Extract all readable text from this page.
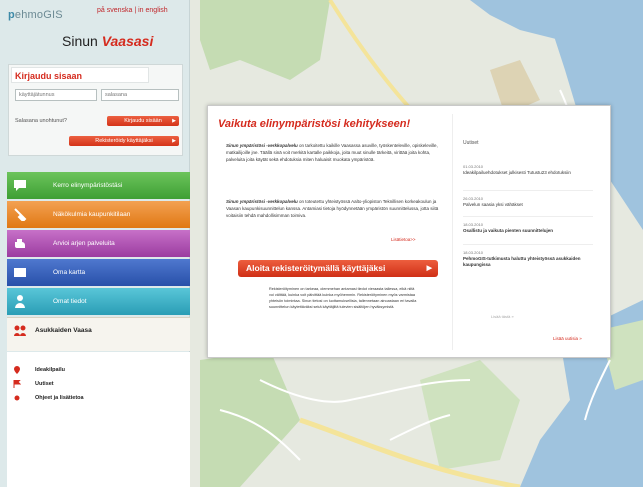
pehmoGIS	på svenska | in english
Sinun Vaasasi
Kirjaudu sisaan
käyttäjätunnus	salasana
Salasana unohtunut?	Kirjaudu sisään ▶
Rekisteröidy käyttäjäksi	▶
Kerro elinympäristöstäsi
Näkökulmia kaupunkitilaan
Arvioi arjen palveluita
Oma kartta
Omat tiedot
Asukkaiden Vaasa
Ideakilpailu
Uutiset
Ohjeet ja lisätietoa
Vaikuta elinympäristösi kehitykseen!
Sinun ympäristösi -verkkopalvelu on tarkoitettu kaikille Vaasassa asuville, työskenteleville, opiskeleville, matkailijoille jne. Täällä sinä voit merkitä kartalle paikkoja, joita muut sinulle tärkeitä, virittää joita kohta, palveluita joita käytät sekä ehdotuksia miten haluaisit muokata ympäristöä.
Sinun ympäristösi -verkkopalvelu on toteutettu yhteistyössä Aalto-yliopiston Teknillisen korkeakoulun ja Vaasan kaupunkisuunnittelun kanssa. Antamiasi tietoja hyödynnetään ympäristön suunnittelussa, jotta siitä voitaisiin tehdä mahdollisimman toimiva.
Lisätietoa>>
Aloita rekisteröitymällä käyttäjäksi	▶
Rekisteröityminen on tarkeaa, olemmehan antamasi tiedot vieraasta tallessa, eikä niitä voi välttää, kuinka voit päivittää kuinka myöhemmin. Rekisteröityminen myös varmistaa yhteisön toimintaa. Sinun tietosi on luottamuksellisia, tallennetaan ainoastaan eri tavalla suunnittelun käytettäväksi sekä käyttäjiltä tulevien sisältöjen hyväksymistä.
Uutiset
01.03.2010
Ideakilpailuehdotukset julkisesti Tutustu23 ehdotuksiin
26.03.2010
Palvelun saasia yksi vähäkset
18.03.2010
Osallistu ja vaikuta pienten suunnittelujen
18.03.2010
PehmoGIS-tutkimusta haluttu yhteistyössä asukkaiden kaupungissa
Lisää tästä »
Lisää uutisia »
